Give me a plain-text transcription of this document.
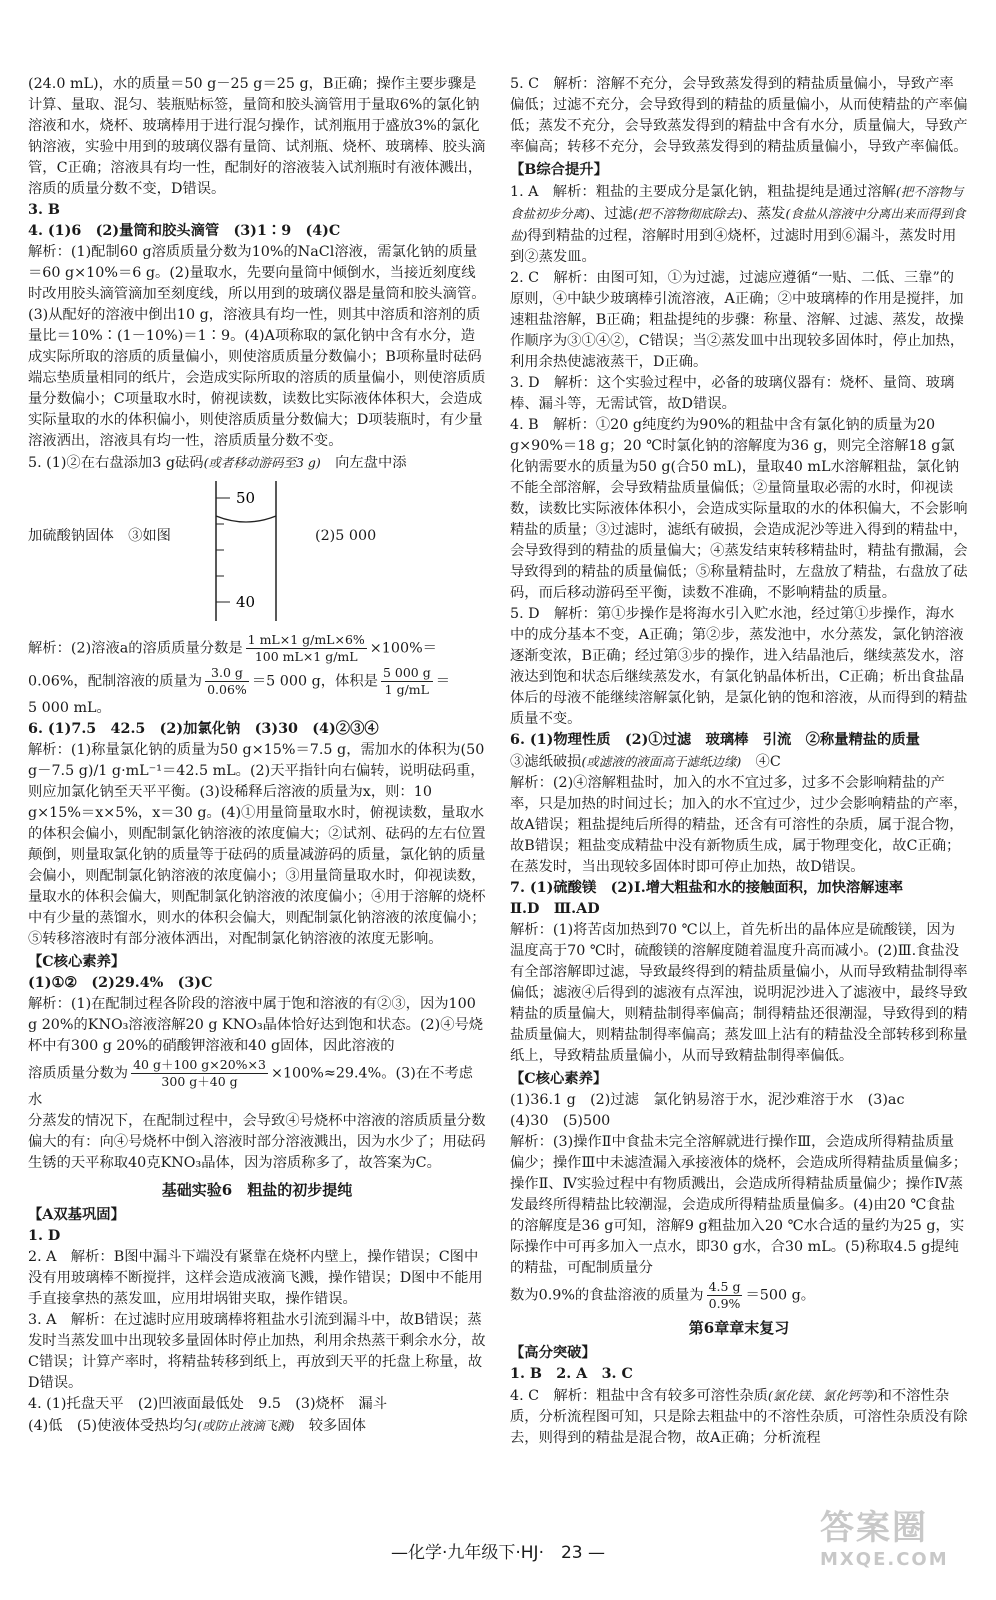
(24.0 mL)，水的质量＝50 g－25 g＝25 g，B正确；操作主要步骤是计算、量取、混匀、装瓶贴标签，量筒和胶头滴管用于量取6%的氯化钠溶液和水，烧杯、玻璃棒用于进行混匀操作，试剂瓶用于盛放3%的氯化钠溶液，实验中用到的玻璃仪器有量筒、试剂瓶、烧杯、玻璃棒、胶头滴管，C正确；溶液具有均一性，配制好的溶液装入试剂瓶时有液体溅出，溶质的质量分数不变，D错误。

3. B

4. (1)6　(2)量筒和胶头滴管　(3)1∶9　(4)C

解析：(1)配制60 g溶质质量分数为10%的NaCl溶液，需氯化钠的质量＝60 g×10%＝6 g。(2)量取水，先要向量筒中倾倒水，当接近刻度线时改用胶头滴管滴加至刻度线，所以用到的玻璃仪器是量筒和胶头滴管。(3)从配好的溶液中倒出10 g，溶液具有均一性，则其中溶质和溶剂的质量比＝10%∶(1－10%)＝1∶9。(4)A项称取的氯化钠中含有水分，造成实际所取的溶质的质量偏小，则使溶质质量分数偏小；B项称量时砝码端忘垫质量相同的纸片，会造成实际所取的溶质的质量偏小，则使溶质质量分数偏小；C项量取水时，俯视读数，读数比实际液体体积大，会造成实际量取的水的体积偏小，则使溶质质量分数偏大；D项装瓶时，有少量溶液洒出，溶液具有均一性，溶质质量分数不变。

5. (1)②在右盘添加3 g砝码(或者移动游码至3 g)　向左盘中添

加硫酸钠固体　③如图
50
40
(2)5 000

解析：(2)溶液a的溶质质量分数是 $\frac{1 mL\times 1 g/mL\times 6\%}{100 mL\times 1 g/mL} \times 100\%=$

0.06%，配制溶液的质量为 $\frac{3.0 g}{0.06\%} =5$ 000 g，体积是 $\frac{5 000 g}{1 g/mL}$ ＝

5 000 mL。

6. (1)7.5　42.5　(2)加氯化钠　(3)30　(4)②③④

解析：(1)称量氯化钠的质量为50 g×15%＝7.5 g，需加水的体积为(50 g－7.5 g)/1 g·mL⁻¹＝42.5 mL。(2)天平指针向右偏转，说明砝码重，则应加氯化钠至天平平衡。(3)设稀释后溶液的质量为x，则：10 g×15%＝x×5%，x＝30 g。(4)①用量筒量取水时，俯视读数，量取水的体积会偏小，则配制氯化钠溶液的浓度偏大；②试剂、砝码的左右位置颠倒，则量取氯化钠的质量等于砝码的质量减游码的质量，氯化钠的质量会偏小，则配制氯化钠溶液的浓度偏小；③用量筒量取水时，仰视读数，量取水的体积会偏大，则配制氯化钠溶液的浓度偏小；④用于溶解的烧杯中有少量的蒸馏水，则水的体积会偏大，则配制氯化钠溶液的浓度偏小；⑤转移溶液时有部分液体洒出，对配制氯化钠溶液的浓度无影响。

【C核心素养】

(1)①②　(2)29.4%　(3)C

解析：(1)在配制过程各阶段的溶液中属于饱和溶液的有②③，因为100 g 20%的KNO₃溶液溶解20 g KNO₃晶体恰好达到饱和状态。(2)④号烧杯中有300 g 20%的硝酸钾溶液和40 g固体，因此溶液的

溶质质量分数为 $\frac{40 g+100 g\times 20\%\times 3}{300 g+40 g} \times 100\%\approx 29.4\%$。(3)在不考虑水

分蒸发的情况下，在配制过程中，会导致④号烧杯中溶液的溶质质量分数偏大的有：向④号烧杯中倒入溶液时部分溶液溅出，因为水少了；用砝码生锈的天平称取40克KNO₃晶体，因为溶质称多了，故答案为C。

基础实验6　粗盐的初步提纯

【A双基巩固】

1. D

2. A　解析：B图中漏斗下端没有紧靠在烧杯内壁上，操作错误；C图中没有用玻璃棒不断搅拌，这样会造成液滴飞溅，操作错误；D图中不能用手直接拿热的蒸发皿，应用坩埚钳夹取，操作错误。

3. A　解析：在过滤时应用玻璃棒将粗盐水引流到漏斗中，故B错误；蒸发时当蒸发皿中出现较多量固体时停止加热，利用余热蒸干剩余水分，故C错误；计算产率时，将精盐转移到纸上，再放到天平的托盘上称量，故D错误。

4. (1)托盘天平　(2)凹液面最低处　9.5　(3)烧杯　漏斗

(4)低　(5)使液体受热均匀(或防止液滴飞溅)　较多固体

5. C　解析：溶解不充分，会导致蒸发得到的精盐质量偏小，导致产率偏低；过滤不充分，会导致得到的精盐的质量偏小，从而使精盐的产率偏低；蒸发不充分，会导致蒸发得到的精盐中含有水分，质量偏大，导致产率偏高；转移不充分，会导致蒸发得到的精盐质量偏小，导致产率偏低。

【B综合提升】

1. A　解析：粗盐的主要成分是氯化钠，粗盐提纯是通过溶解(把不溶物与食盐初步分离)、过滤(把不溶物彻底除去)、蒸发(食盐从溶液中分离出来而得到食盐)得到精盐的过程，溶解时用到④烧杯，过滤时用到⑥漏斗，蒸发时用到②蒸发皿。

2. C　解析：由图可知，①为过滤，过滤应遵循“一贴、二低、三靠”的原则，④中缺少玻璃棒引流溶液，A正确；②中玻璃棒的作用是搅拌，加速粗盐溶解，B正确；粗盐提纯的步骤：称量、溶解、过滤、蒸发，故操作顺序为③①④②，C错误；当②蒸发皿中出现较多固体时，停止加热，利用余热使滤液蒸干，D正确。

3. D　解析：这个实验过程中，必备的玻璃仪器有：烧杯、量筒、玻璃棒、漏斗等，无需试管，故D错误。

4. B　解析：①20 g纯度约为90%的粗盐中含有氯化钠的质量为20 g×90%＝18 g；20 ℃时氯化钠的溶解度为36 g，则完全溶解18 g氯化钠需要水的质量为50 g(合50 mL)，量取40 mL水溶解粗盐，氯化钠不能全部溶解，会导致精盐质量偏低；②量筒量取必需的水时，仰视读数，读数比实际液体体积小，会造成实际量取的水的体积偏大，不会影响精盐的质量；③过滤时，滤纸有破损，会造成泥沙等进入得到的精盐中，会导致得到的精盐的质量偏大；④蒸发结束转移精盐时，精盐有撒漏，会导致得到的精盐的质量偏低；⑤称量精盐时，左盘放了精盐，右盘放了砝码，而后移动游码至平衡，读数不准确，不影响精盐的质量。

5. D　解析：第①步操作是将海水引入贮水池，经过第①步操作，海水中的成分基本不变，A正确；第②步，蒸发池中，水分蒸发，氯化钠溶液逐渐变浓，B正确；经过第③步的操作，进入结晶池后，继续蒸发水，溶液达到饱和状态后继续蒸发水，有氯化钠晶体析出，C正确；析出食盐晶体后的母液不能继续溶解氯化钠，是氯化钠的饱和溶液，从而得到的精盐质量不变。

6. (1)物理性质　(2)①过滤　玻璃棒　引流　②称量精盐的质量

③滤纸破损(或滤液的液面高于滤纸边缘)　④C

解析：(2)④溶解粗盐时，加入的水不宜过多，过多不会影响精盐的产率，只是加热的时间过长；加入的水不宜过少，过少会影响精盐的产率，故A错误；粗盐提纯后所得的精盐，还含有可溶性的杂质，属于混合物，故B错误；粗盐变成精盐中没有新物质生成，属于物理变化，故C正确；在蒸发时，当出现较多固体时即可停止加热，故D错误。

7. (1)硫酸镁　(2)Ⅰ.增大粗盐和水的接触面积，加快溶解速率

Ⅱ.D　Ⅲ.AD

解析：(1)将苦卤加热到70 ℃以上，首先析出的晶体应是硫酸镁，因为温度高于70 ℃时，硫酸镁的溶解度随着温度升高而减小。(2)Ⅲ.食盐没有全部溶解即过滤，导致最终得到的精盐质量偏小，从而导致精盐制得率偏低；滤液④后得到的滤液有点浑浊，说明泥沙进入了滤液中，最终导致精盐的质量偏大，则精盐制得率偏高；制得精盐还很潮湿，导致得到的精盐质量偏大，则精盐制得率偏高；蒸发皿上沾有的精盐没全部转移到称量纸上，导致精盐质量偏小，从而导致精盐制得率偏低。

【C核心素养】

(1)36.1 g　(2)过滤　氯化钠易溶于水，泥沙难溶于水　(3)ac

(4)30　(5)500

解析：(3)操作Ⅱ中食盐未完全溶解就进行操作Ⅲ，会造成所得精盐质量偏少；操作Ⅲ中未滤渣漏入承接液体的烧杯，会造成所得精盐质量偏多；操作Ⅱ、Ⅳ实验过程中有物质溅出，会造成所得精盐质量偏少；操作Ⅳ蒸发最终所得精盐比较潮湿，会造成所得精盐质量偏多。(4)由20 ℃食盐的溶解度是36 g可知，溶解9 g粗盐加入20 ℃水合适的量约为25 g，实际操作中可再多加入一点水，即30 g水，合30 mL。(5)称取4.5 g提纯的精盐，可配制质量分

数为0.9%的食盐溶液的质量为 $\frac{4.5 g}{0.9\%} =500$ g。

第6章章末复习

【高分突破】

1. B　2. A　3. C

4. C　解析：粗盐中含有较多可溶性杂质(氯化镁、氯化钙等)和不溶性杂质，分析流程图可知，只是除去粗盐中的不溶性杂质，可溶性杂质没有除去，则得到的精盐是混合物，故A正确；分析流程

—化学·九年级下·HJ·　23 —
答案圈
MXQE.COM
